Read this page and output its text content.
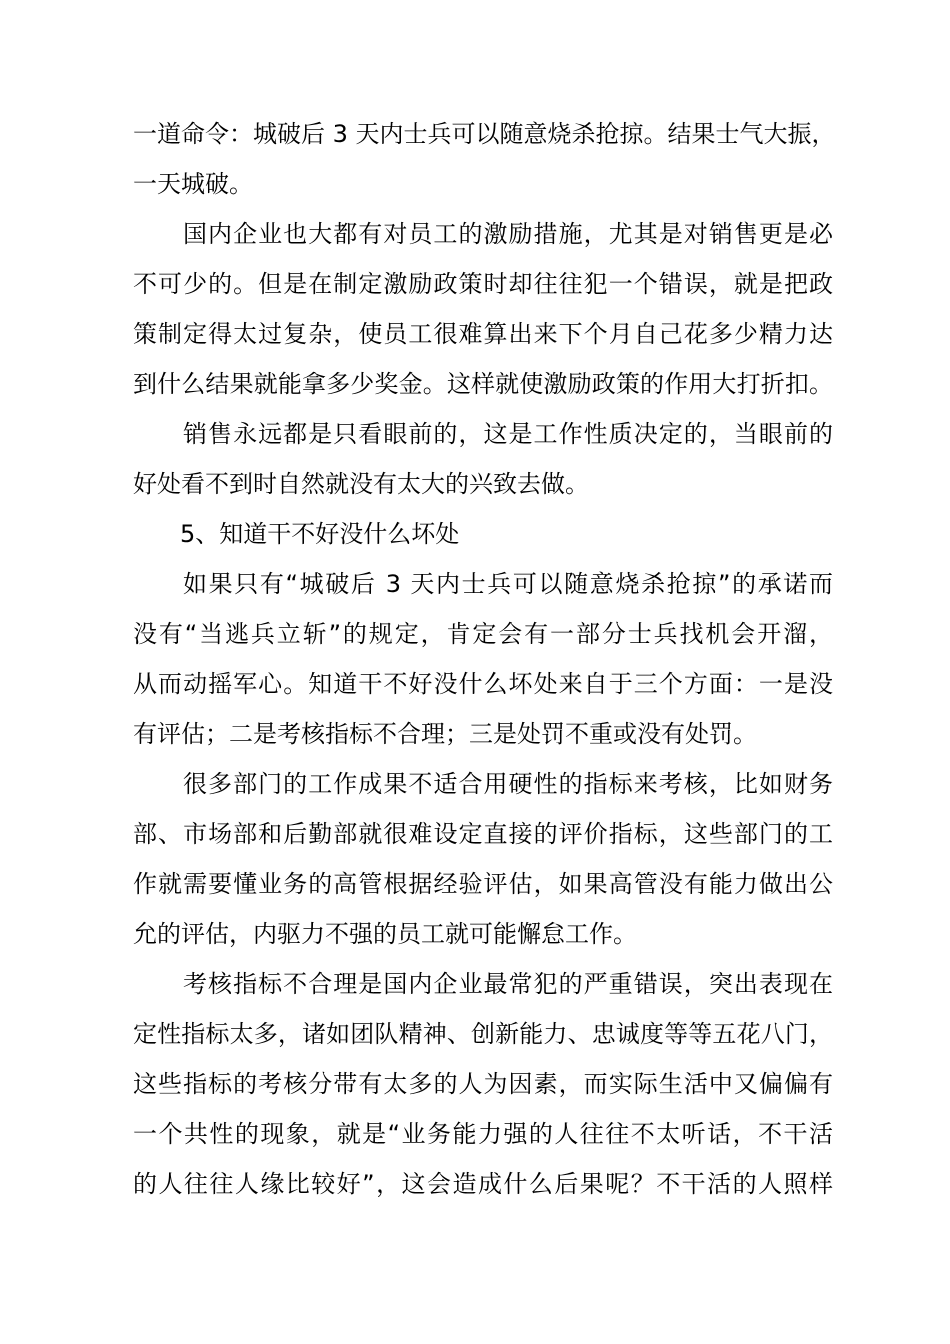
一道命令：城破后 3 天内士兵可以随意烧杀抢掠。结果士气大振，
一天城破。
国内企业也大都有对员工的激励措施，尤其是对销售更是必
不可少的。但是在制定激励政策时却往往犯一个错误，就是把政
策制定得太过复杂，使员工很难算出来下个月自己花多少精力达
到什么结果就能拿多少奖金。这样就使激励政策的作用大打折扣。
销售永远都是只看眼前的，这是工作性质决定的，当眼前的
好处看不到时自然就没有太大的兴致去做。
5、知道干不好没什么坏处
如果只有“城破后 3 天内士兵可以随意烧杀抢掠”的承诺而
没有“当逃兵立斩”的规定，肯定会有一部分士兵找机会开溜，
从而动摇军心。知道干不好没什么坏处来自于三个方面：一是没
有评估；二是考核指标不合理；三是处罚不重或没有处罚。
很多部门的工作成果不适合用硬性的指标来考核，比如财务
部、市场部和后勤部就很难设定直接的评价指标，这些部门的工
作就需要懂业务的高管根据经验评估，如果高管没有能力做出公
允的评估，内驱力不强的员工就可能懈怠工作。
考核指标不合理是国内企业最常犯的严重错误，突出表现在
定性指标太多，诸如团队精神、创新能力、忠诚度等等五花八门，
这些指标的考核分带有太多的人为因素，而实际生活中又偏偏有
一个共性的现象，就是“业务能力强的人往往不太听话，不干活
的人往往人缘比较好”，这会造成什么后果呢？不干活的人照样
